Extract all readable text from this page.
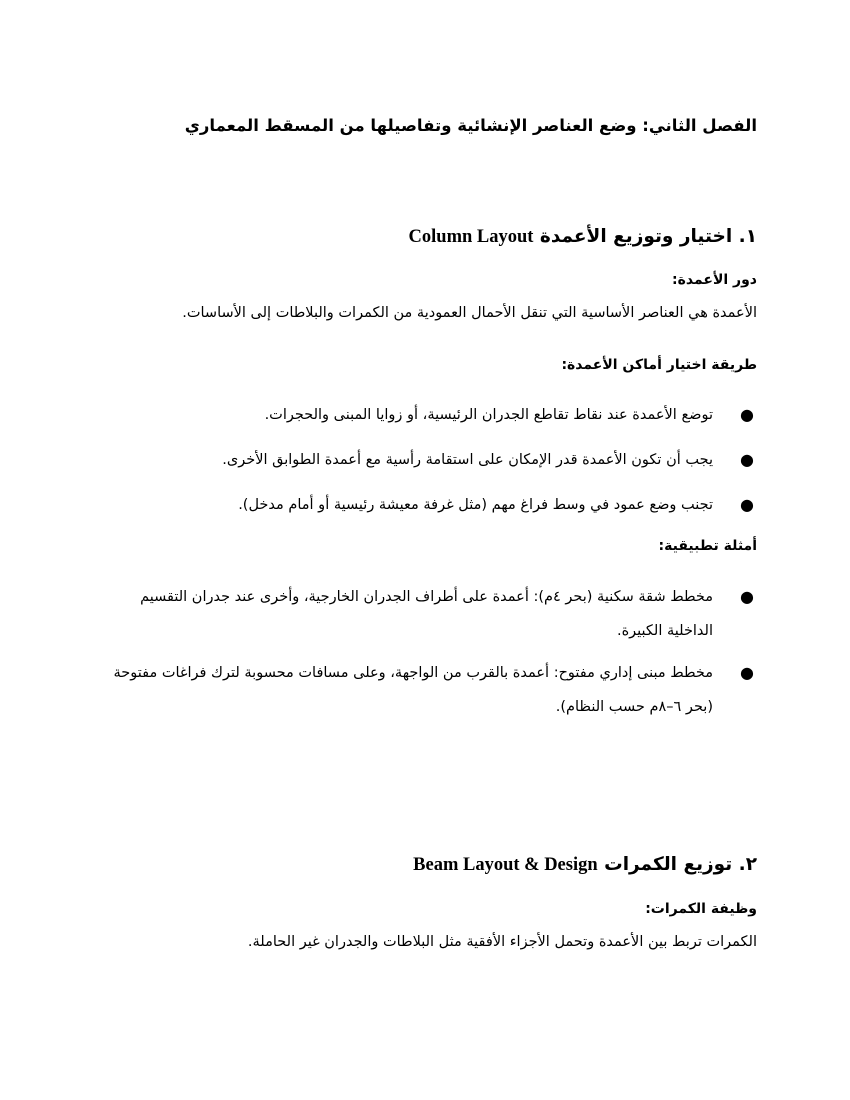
الفصل الثاني: وضع العناصر الإنشائية وتفاصيلها من المسقط المعماري
١. اختيار وتوزيع الأعمدة Column Layout
دور الأعمدة:

الأعمدة هي العناصر الأساسية التي تنقل الأحمال العمودية من الكمرات والبلاطات إلى الأساسات.

طريقة اختيار أماكن الأعمدة:
●
توضع الأعمدة عند نقاط تقاطع الجدران الرئيسية، أو زوايا المبنى والحجرات.
●
يجب أن تكون الأعمدة قدر الإمكان على استقامة رأسية مع أعمدة الطوابق الأخرى.
●
تجنب وضع عمود في وسط فراغ مهم (مثل غرفة معيشة رئيسية أو أمام مدخل).
أمثلة تطبيقية:
●
مخطط شقة سكنية (بحر ٤م): أعمدة على أطراف الجدران الخارجية، وأخرى عند جدران التقسيم الداخلية الكبيرة.
●
مخطط مبنى إداري مفتوح: أعمدة بالقرب من الواجهة، وعلى مسافات محسوبة لترك فراغات مفتوحة (بحر ٦–٨م حسب النظام).
٢. توزيع الكمرات Beam Layout & Design
وظيفة الكمرات:

الكمرات تربط بين الأعمدة وتحمل الأجزاء الأفقية مثل البلاطات والجدران غير الحاملة.
